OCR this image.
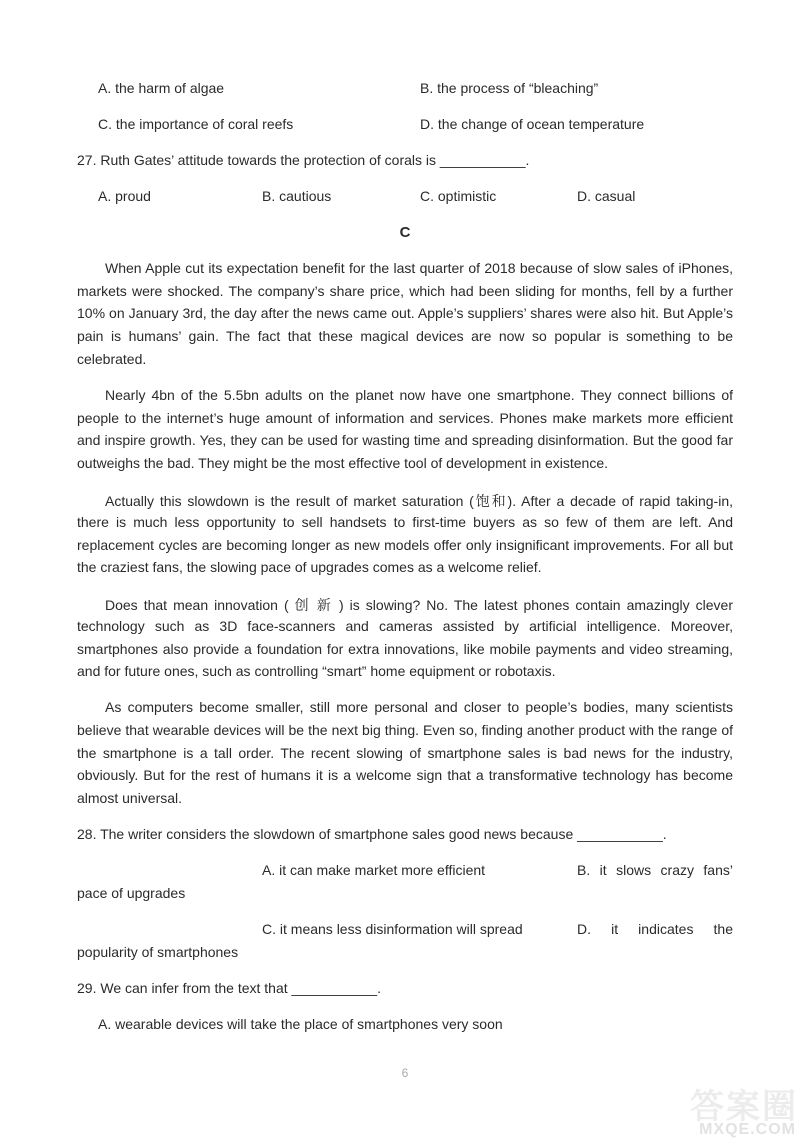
A. the harm of algae	B. the process of “bleaching”
C. the importance of coral reefs	D. the change of ocean temperature
27. Ruth Gates’ attitude towards the protection of corals is ___________.
A. proud	B. cautious	C. optimistic	D. casual
C
When Apple cut its expectation benefit for the last quarter of 2018 because of slow sales of iPhones,
markets were shocked. The company’s share price, which had been sliding for months, fell by a further
10% on January 3rd, the day after the news came out. Apple’s suppliers’ shares were also hit. But Apple’s
pain is humans’ gain. The fact that these magical devices are now so popular is something to be
celebrated.
Nearly 4bn of the 5.5bn adults on the planet now have one smartphone. They connect billions of
people to the internet’s huge amount of information and services. Phones make markets more efficient
and inspire growth. Yes, they can be used for wasting time and spreading disinformation. But the good far
outweighs the bad. They might be the most effective tool of development in existence.
Actually this slowdown is the result of market saturation (饱和). After a decade of rapid taking-in,
there is much less opportunity to sell handsets to first-time buyers as so few of them are left. And
replacement cycles are becoming longer as new models offer only insignificant improvements. For all but
the craziest fans, the slowing pace of upgrades comes as a welcome relief.
Does that mean innovation ( 创 新 ) is slowing? No. The latest phones contain amazingly clever
technology such as 3D face-scanners and cameras assisted by artificial intelligence. Moreover,
smartphones also provide a foundation for extra innovations, like mobile payments and video streaming,
and for future ones, such as controlling “smart” home equipment or robotaxis.
As computers become smaller, still more personal and closer to people’s bodies, many scientists
believe that wearable devices will be the next big thing. Even so, finding another product with the range of
the smartphone is a tall order. The recent slowing of smartphone sales is bad news for the industry,
obviously. But for the rest of humans it is a welcome sign that a transformative technology has become
almost universal.
28. The writer considers the slowdown of smartphone sales good news because ___________.
A. it can make market more efficient	B. it slows crazy fans’
pace of upgrades
C. it means less disinformation will spread	D. it indicates the
popularity of smartphones
29. We can infer from the text that ___________.
A. wearable devices will take the place of smartphones very soon
6
答案圈
MXQE.COM
